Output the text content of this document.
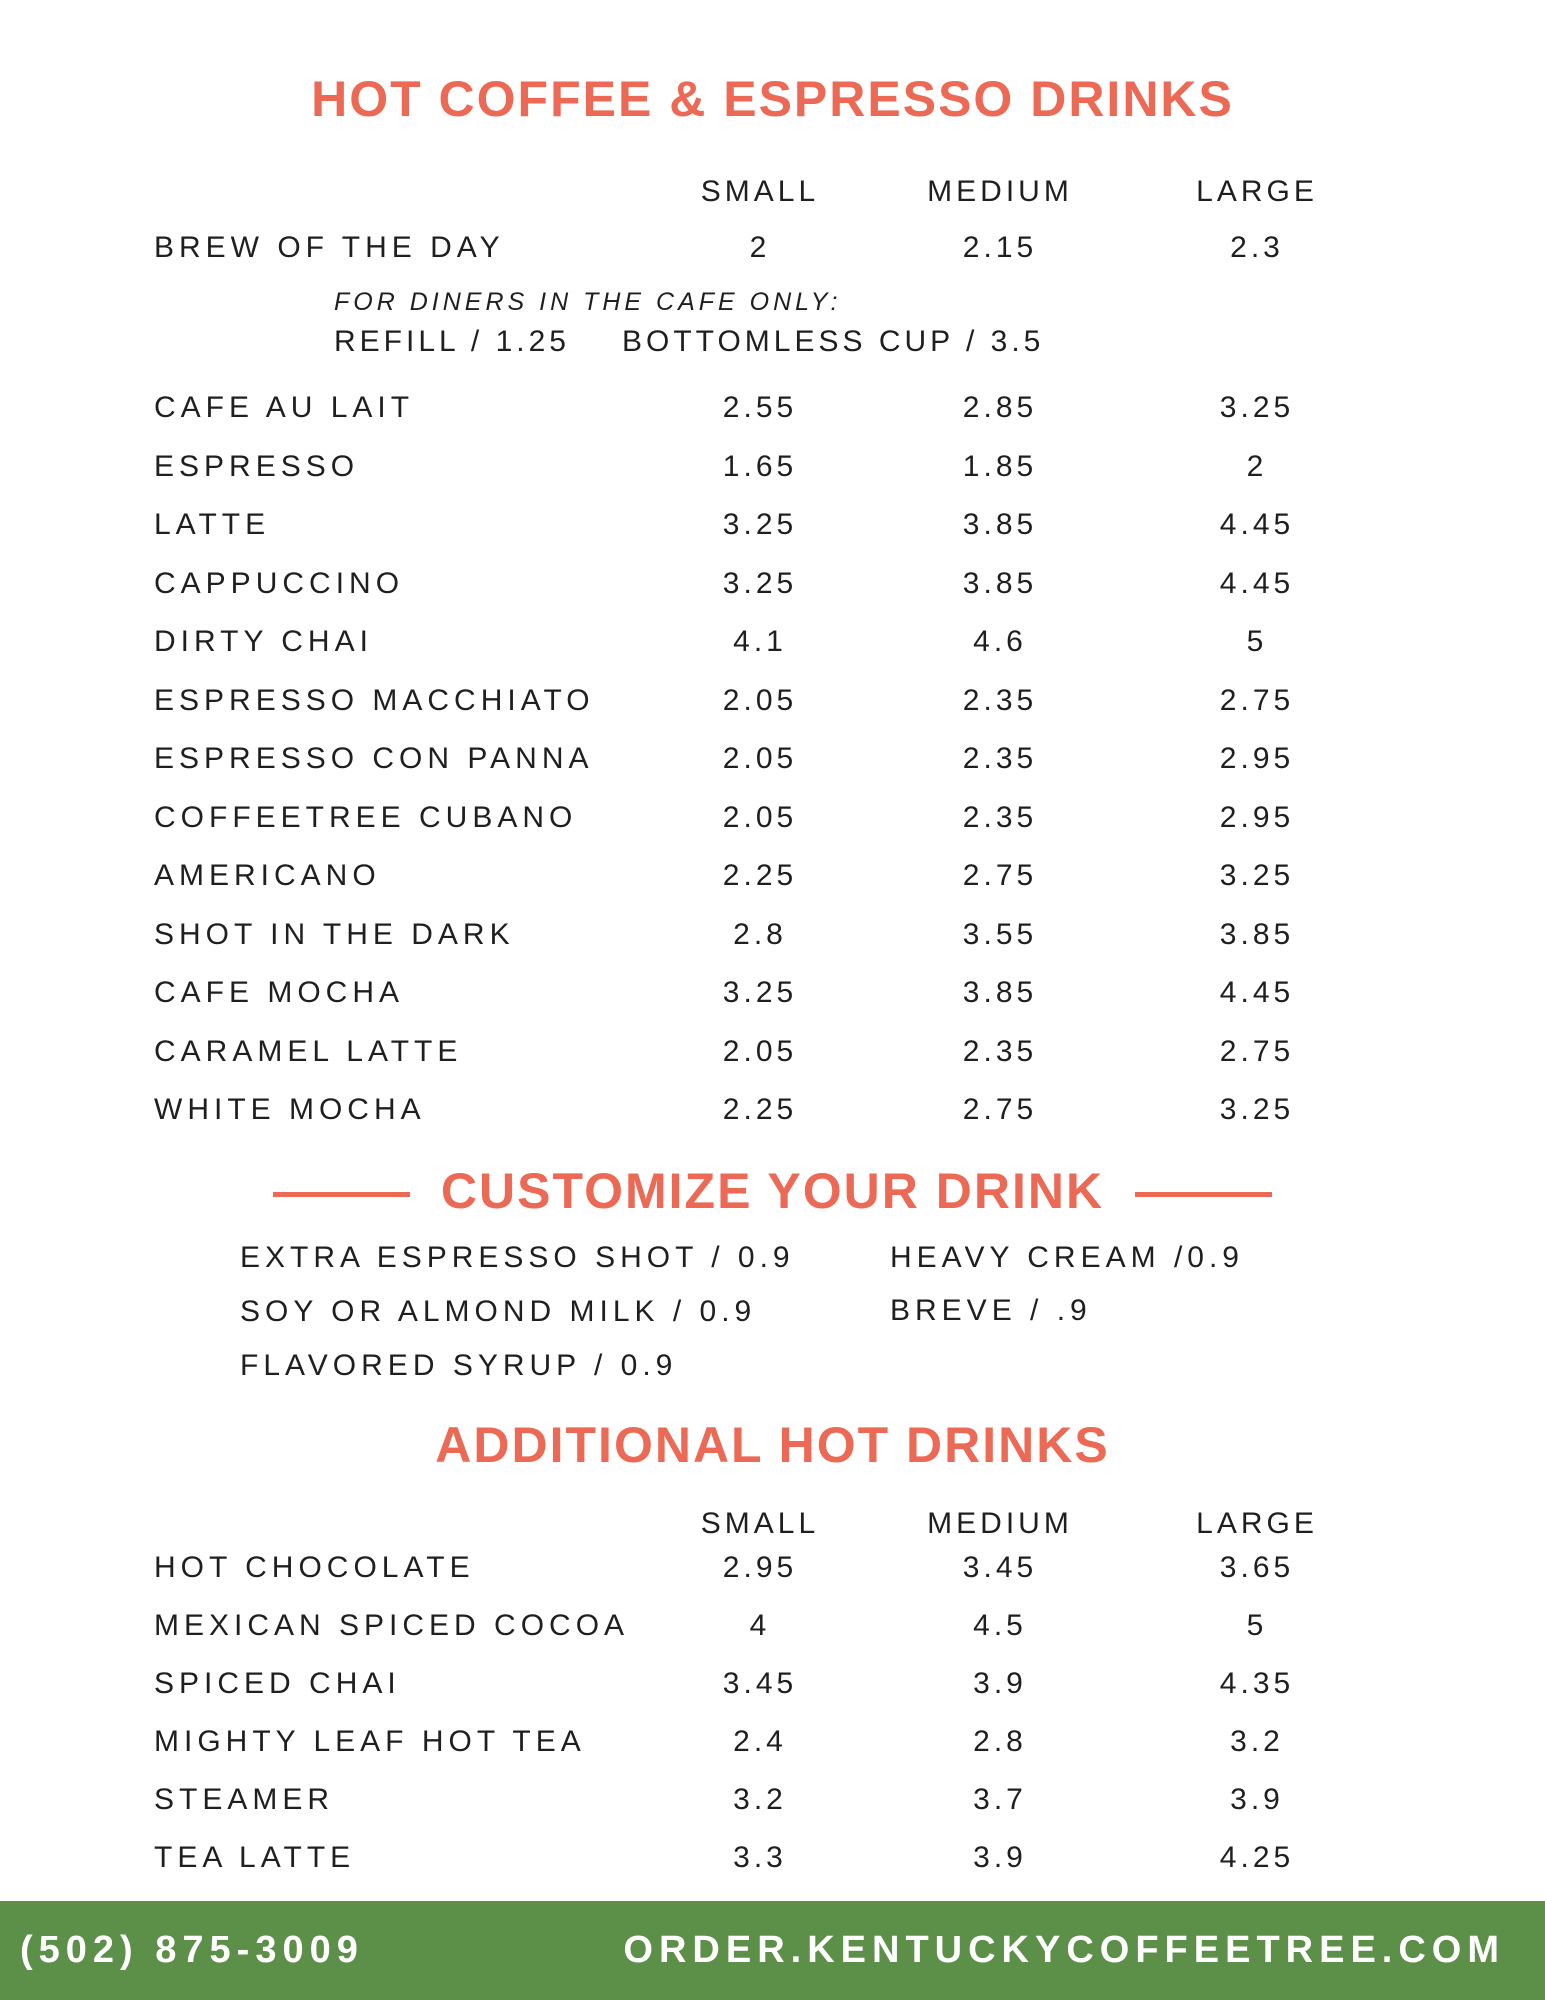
HOT COFFEE & ESPRESSO DRINKS
SMALL	MEDIUM	LARGE
BREW OF THE DAY	2	2.15	2.3
FOR DINERS IN THE CAFE ONLY:
REFILL / 1.25 BOTTOMLESS CUP / 3.5
CAFE AU LAIT	2.55	2.85	3.25
ESPRESSO	1.65	1.85	2
LATTE	3.25	3.85	4.45
CAPPUCCINO	3.25	3.85	4.45
DIRTY CHAI	4.1	4.6	5
ESPRESSO MACCHIATO	2.05	2.35	2.75
ESPRESSO CON PANNA	2.05	2.35	2.95
COFFEETREE CUBANO	2.05	2.35	2.95
AMERICANO	2.25	2.75	3.25
SHOT IN THE DARK	2.8	3.55	3.85
CAFE MOCHA	3.25	3.85	4.45
CARAMEL LATTE	2.05	2.35	2.75
WHITE MOCHA	2.25	2.75	3.25
CUSTOMIZE YOUR DRINK
EXTRA ESPRESSO SHOT / 0.9
SOY OR ALMOND MILK / 0.9
FLAVORED SYRUP / 0.9
HEAVY CREAM /0.9
BREVE / .9
ADDITIONAL HOT DRINKS
SMALL	MEDIUM	LARGE
HOT CHOCOLATE	2.95	3.45	3.65
MEXICAN SPICED COCOA	4	4.5	5
SPICED CHAI	3.45	3.9	4.35
MIGHTY LEAF HOT TEA	2.4	2.8	3.2
STEAMER	3.2	3.7	3.9
TEA LATTE	3.3	3.9	4.25
(502) 875-3009	ORDER.KENTUCKYCOFFEETREE.COM
